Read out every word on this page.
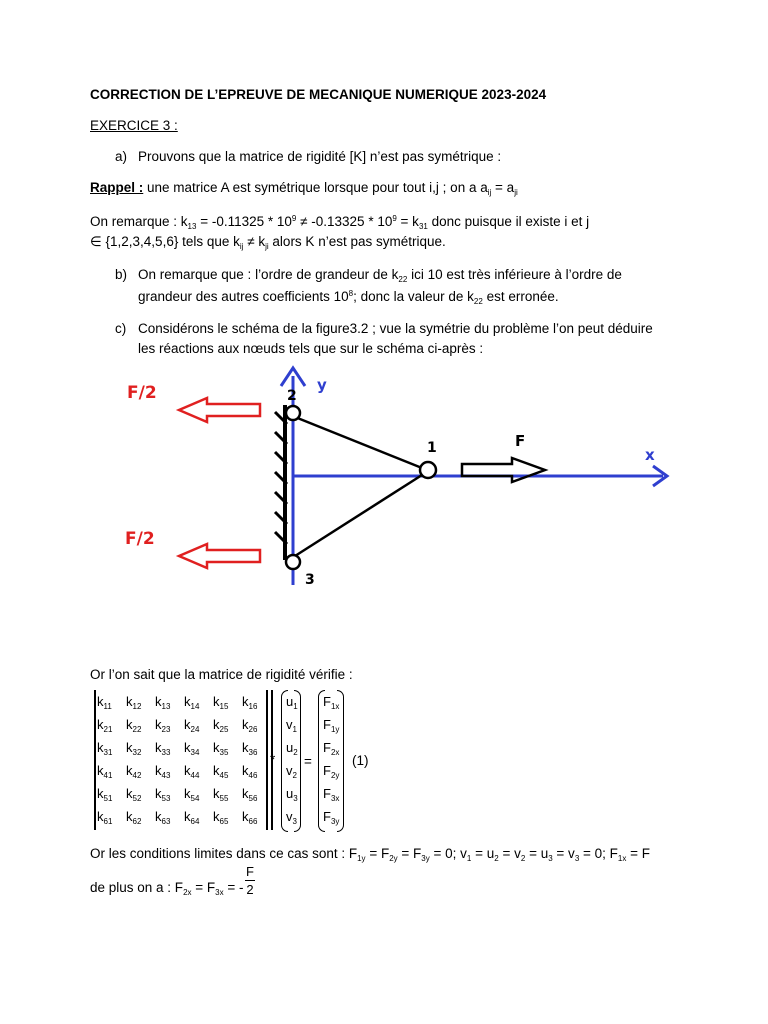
CORRECTION DE L’EPREUVE DE MECANIQUE NUMERIQUE 2023-2024
EXERCICE 3 :
a) Prouvons que la matrice de rigidité [K] n’est pas symétrique :
Rappel : une matrice A est symétrique lorsque pour tout i,j ; on a $a_{ij} = a_{ji}$
On remarque : $k_{13} = -0.11325 * 10^9 \ne -0.13325 * 10^9 = k_{31}$ donc puisque il existe i et j
∈ {1,2,3,4,5,6} tels que $k_{ij} \ne k_{ji}$ alors K n’est pas symétrique.
b) On remarque que : l’ordre de grandeur de $k_{22}$ ici 10 est très inférieure à l’ordre de
grandeur des autres coefficients $10^8$; donc la valeur de $k_{22}$ est erronée.
c) Considérons le schéma de la figure3.2 ; vue la symétrie du problème l’on peut déduire
les réactions aux nœuds tels que sur le schéma ci-après :
y
x
2
1
3
F/2
F/2
F
Or l’on sait que la matrice de rigidité vérifie :
$k_{11}$ $k_{12}$ $k_{13}$ $k_{14}$ $k_{15}$ $k_{16}$
$k_{21}$ $k_{22}$ $k_{23}$ $k_{24}$ $k_{25}$ $k_{26}$
$k_{31}$ $k_{32}$ $k_{33}$ $k_{34}$ $k_{35}$ $k_{36}$
$k_{41}$ $k_{42}$ $k_{43}$ $k_{44}$ $k_{45}$ $k_{46}$
$k_{51}$ $k_{52}$ $k_{53}$ $k_{54}$ $k_{55}$ $k_{56}$
$k_{61}$ $k_{62}$ $k_{63}$ $k_{64}$ $k_{65}$ $k_{66}$
*
$u_1$
$v_1$
$u_2$
$v_2$
$u_3$
$v_3$
=
$F_{1x}$
$F_{1y}$
$F_{2x}$
$F_{2y}$
$F_{3x}$
$F_{3y}$
(1)
Or les conditions limites dans ce cas sont : $F_{1y} = F_{2y} = F_{3y} = 0$; $v_1 = u_2 = v_2 = u_3 = v_3 = 0$; $F_{1x} = F$
de plus on a : $F_{2x} = F_{3x}$ = -
F
2
